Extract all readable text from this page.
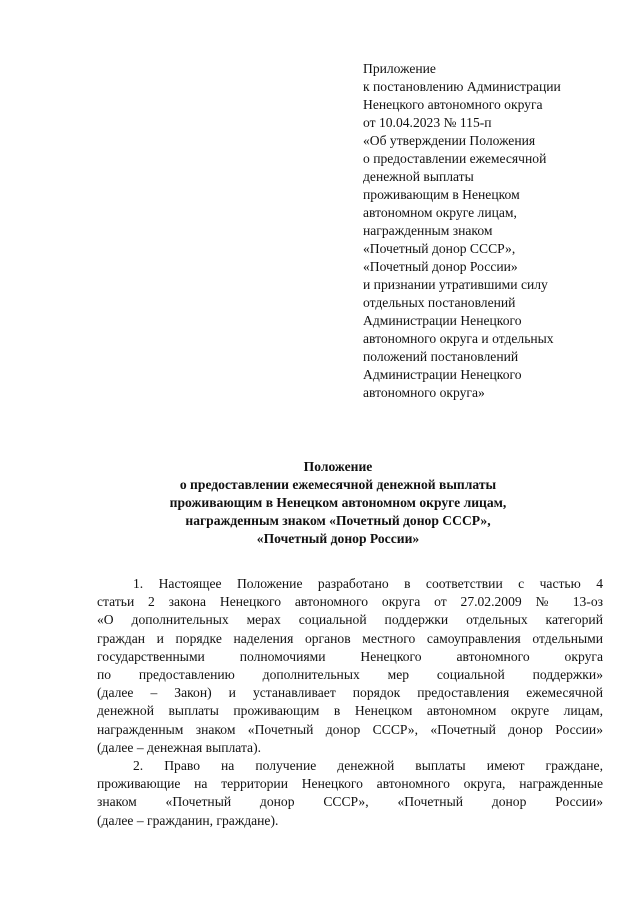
Приложение
к постановлению Администрации
Ненецкого автономного округа
от 10.04.2023 № 115-п
«Об утверждении Положения
о предоставлении ежемесячной
денежной выплаты
проживающим в Ненецком
автономном округе лицам,
награжденным знаком
«Почетный донор СССР»,
«Почетный донор России»
и признании утратившими силу
отдельных постановлений
Администрации Ненецкого
автономного округа и отдельных
положений постановлений
Администрации Ненецкого
автономного округа»
Положение
о предоставлении ежемесячной денежной выплаты
проживающим в Ненецком автономном округе лицам,
награжденным знаком «Почетный донор СССР»,
«Почетный донор России»
1. Настоящее Положение разработано в соответствии с частью 4
статьи 2 закона Ненецкого автономного округа от 27.02.2009 № 13-оз
«О дополнительных мерах социальной поддержки отдельных категорий
граждан и порядке наделения органов местного самоуправления отдельными
государственными полномочиями Ненецкого автономного округа
по предоставлению дополнительных мер социальной поддержки»
(далее – Закон) и устанавливает порядок предоставления ежемесячной
денежной выплаты проживающим в Ненецком автономном округе лицам,
награжденным знаком «Почетный донор СССР», «Почетный донор России»
(далее – денежная выплата).
2. Право на получение денежной выплаты имеют граждане,
проживающие на территории Ненецкого автономного округа, награжденные
знаком «Почетный донор СССР», «Почетный донор России»
(далее – гражданин, граждане).
